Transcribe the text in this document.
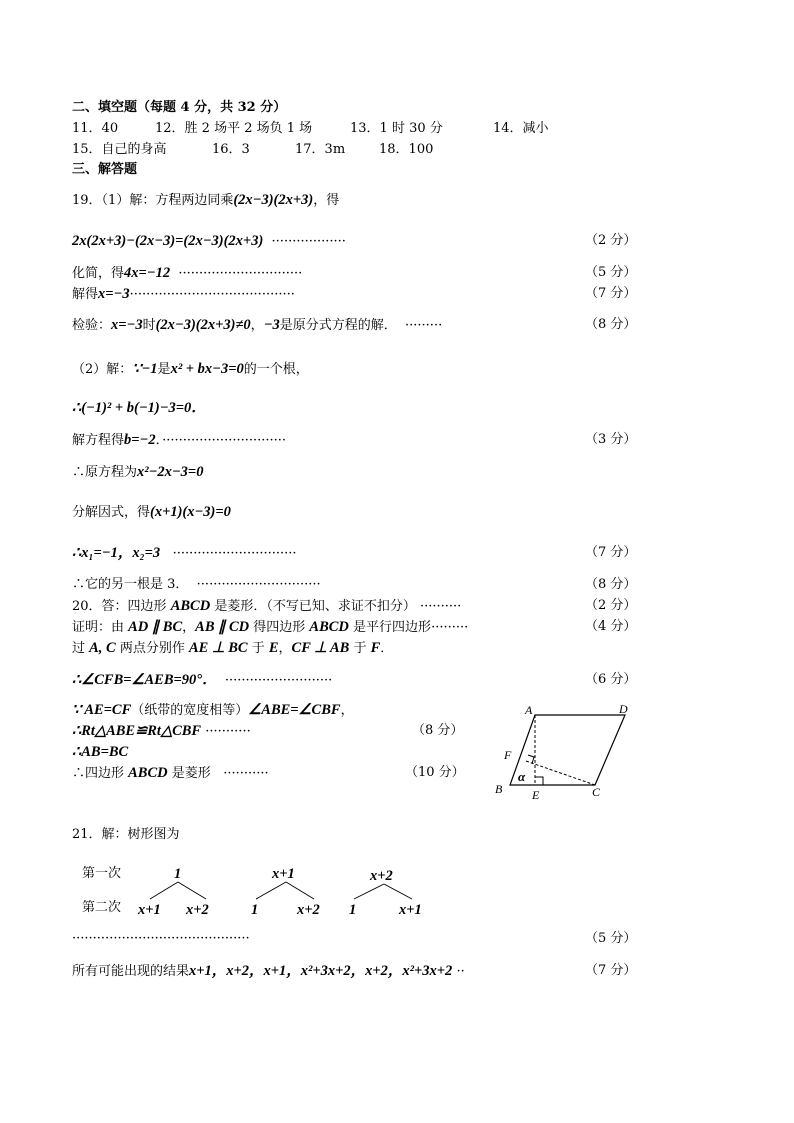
二、填空题（每题 4 分，共 32 分）
11．40	12．胜 2 场平 2 场负 1 场	13．1 时 30 分	14．减小
15．自己的身高	16．3	17．3m	18．100
三、解答题
19．（1）解：方程两边同乘(2x−3)(2x+3)，得
2x(2x+3)−(2x−3)=(2x−3)(2x+3) ··················	（2 分）
化简，得4x=−12 ······························	（5 分）
解得x=−3········································	（7 分）
检验：x=−3时(2x−3)(2x+3)≠0，−3是原分式方程的解． ·········	（8 分）
（2）解：∵−1是x² + bx−3=0的一个根，
∴(−1)² + b(−1)−3=0．
解方程得b=−2．······························	（3 分）
∴原方程为x²−2x−3=0
分解因式，得(x+1)(x−3)=0
∴x₁=−1，x₂=3 ······························	（7 分）
∴它的另一根是 3． ······························	（8 分）
20．答：四边形 ABCD 是菱形．（不写已知、求证不扣分） ··········	（2 分）
证明：由 AD ∥ BC，AB ∥ CD 得四边形 ABCD 是平行四边形·········	（4 分）
过 A, C 两点分别作 AE ⊥ BC 于 E，CF ⊥ AB 于 F．
∴∠CFB=∠AEB=90°． ··························	（6 分）
∵ AE=CF（纸带的宽度相等）∠ABE=∠CBF，
∴Rt△ABE≌Rt△CBF ···········	（8 分）
∴AB=BC
∴四边形 ABCD 是菱形 ···········	（10 分）
A	D
B	C
E
F
α
21．解：树形图为
第一次
第二次
1
x+1 x+2
x+1
1	x+2
x+2
1	x+1
···········································	（5 分）
所有可能出现的结果x+1，x+2，x+1，x²+3x+2，x+2，x²+3x+2 ··	（7 分）
